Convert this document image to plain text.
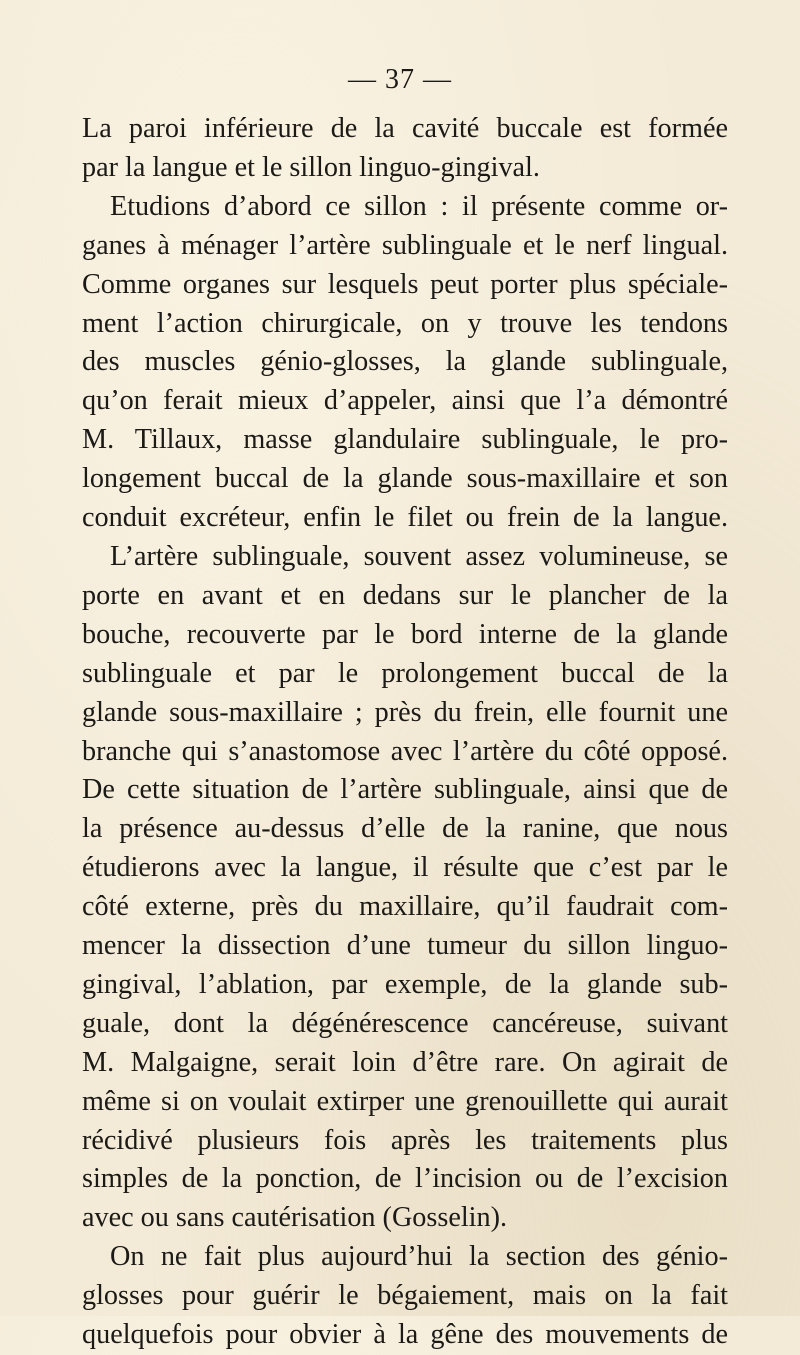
— 37 —
La paroi inférieure de la cavité buccale est formée
par la langue et le sillon linguo-gingival.
Etudions d’abord ce sillon : il présente comme or-
ganes à ménager l’artère sublinguale et le nerf lingual.
Comme organes sur lesquels peut porter plus spéciale-
ment l’action chirurgicale, on y trouve les tendons
des muscles génio-glosses, la glande sublinguale,
qu’on ferait mieux d’appeler, ainsi que l’a démontré
M. Tillaux, masse glandulaire sublinguale, le pro-
longement buccal de la glande sous-maxillaire et son
conduit excréteur, enfin le filet ou frein de la langue.
L’artère sublinguale, souvent assez volumineuse, se
porte en avant et en dedans sur le plancher de la
bouche, recouverte par le bord interne de la glande
sublinguale et par le prolongement buccal de la
glande sous-maxillaire ; près du frein, elle fournit une
branche qui s’anastomose avec l’artère du côté opposé.
De cette situation de l’artère sublinguale, ainsi que de
la présence au-dessus d’elle de la ranine, que nous
étudierons avec la langue, il résulte que c’est par le
côté externe, près du maxillaire, qu’il faudrait com-
mencer la dissection d’une tumeur du sillon linguo-
gingival, l’ablation, par exemple, de la glande sub-
guale, dont la dégénérescence cancéreuse, suivant
M. Malgaigne, serait loin d’être rare. On agirait de
même si on voulait extirper une grenouillette qui aurait
récidivé plusieurs fois après les traitements plus
simples de la ponction, de l’incision ou de l’excision
avec ou sans cautérisation (Gosselin).
On ne fait plus aujourd’hui la section des génio-
glosses pour guérir le bégaiement, mais on la fait
quelquefois pour obvier à la gêne des mouvements de
